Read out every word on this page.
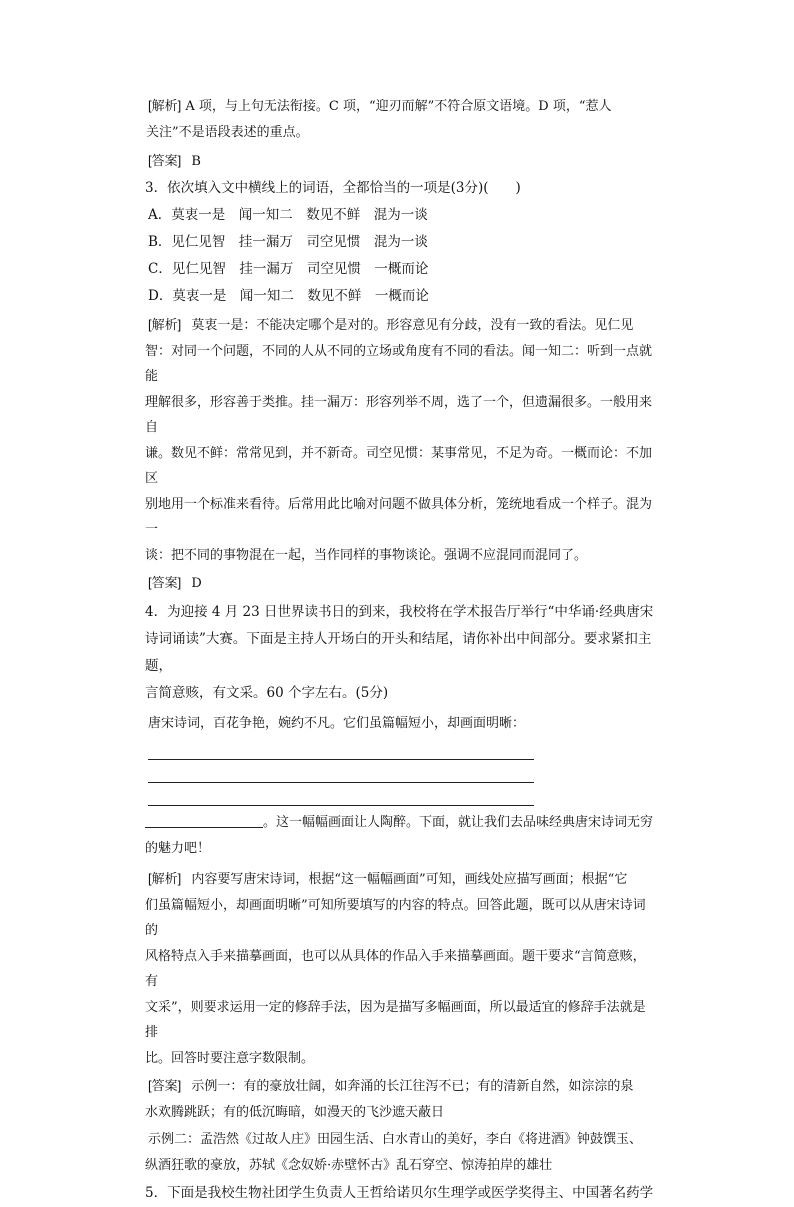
[解析] A 项，与上句无法衔接。C 项，“迎刃而解”不符合原文语境。D 项，“惹人

关注”不是语段表述的重点。

[答案] B

3．依次填入文中横线上的词语，全都恰当的一项是(3分)(　　)

A．莫衷一是　闻一知二　数见不鲜　混为一谈

B．见仁见智　挂一漏万　司空见惯　混为一谈

C．见仁见智　挂一漏万　司空见惯　一概而论

D．莫衷一是　闻一知二　数见不鲜　一概而论

[解析] 莫衷一是：不能决定哪个是对的。形容意见有分歧，没有一致的看法。见仁见

智：对同一个问题，不同的人从不同的立场或角度有不同的看法。闻一知二：听到一点就能

理解很多，形容善于类推。挂一漏万：形容列举不周，选了一个，但遗漏很多。一般用来自

谦。数见不鲜：常常见到，并不新奇。司空见惯：某事常见，不足为奇。一概而论：不加区

别地用一个标准来看待。后常用此比喻对问题不做具体分析，笼统地看成一个样子。混为一

谈：把不同的事物混在一起，当作同样的事物谈论。强调不应混同而混同了。

[答案] D

4．为迎接 4 月 23 日世界读书日的到来，我校将在学术报告厅举行“中华诵·经典唐宋

诗词诵读”大赛。下面是主持人开场白的开头和结尾，请你补出中间部分。要求紧扣主题，

言简意赅，有文采。60 个字左右。(5分)

唐宋诗词，百花争艳，婉约不凡。它们虽篇幅短小，却画面明晰：

。这一幅幅画面让人陶醉。下面，就让我们去品味经典唐宋诗词无穷

的魅力吧！

[解析] 内容要写唐宋诗词，根据“这一幅幅画面”可知，画线处应描写画面；根据“它

们虽篇幅短小，却画面明晰”可知所要填写的内容的特点。回答此题，既可以从唐宋诗词的

风格特点入手来描摹画面，也可以从具体的作品入手来描摹画面。题干要求“言简意赅，有

文采”，则要求运用一定的修辞手法，因为是描写多幅画面，所以最适宜的修辞手法就是排

比。回答时要注意字数限制。

[答案] 示例一：有的豪放壮阔，如奔涌的长江往泻不已；有的清新自然，如淙淙的泉

水欢腾跳跃；有的低沉晦暗，如漫天的飞沙遮天蔽日

示例二：孟浩然《过故人庄》田园生活、白水青山的美好，李白《将进酒》钟鼓馔玉、

纵酒狂歌的豪放，苏轼《念奴娇·赤壁怀古》乱石穿空、惊涛拍岸的雄壮

5．下面是我校生物社团学生负责人王哲给诺贝尔生理学或医学奖得主、中国著名药学
